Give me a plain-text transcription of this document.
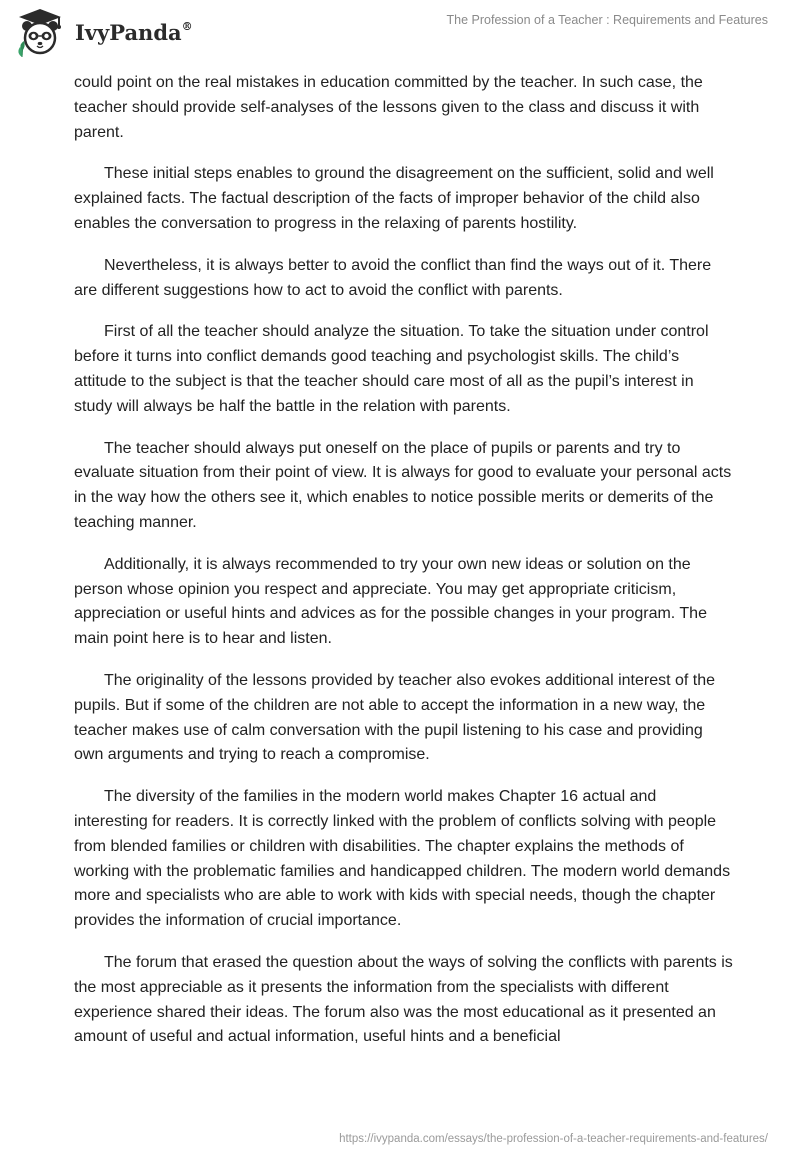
IvyPanda®	The Profession of a Teacher : Requirements and Features

could point on the real mistakes in education committed by the teacher. In such case, the teacher should provide self-analyses of the lessons given to the class and discuss it with parent.

These initial steps enables to ground the disagreement on the sufficient, solid and well explained facts. The factual description of the facts of improper behavior of the child also enables the conversation to progress in the relaxing of parents hostility.

Nevertheless, it is always better to avoid the conflict than find the ways out of it. There are different suggestions how to act to avoid the conflict with parents.

First of all the teacher should analyze the situation. To take the situation under control before it turns into conflict demands good teaching and psychologist skills. The child’s attitude to the subject is that the teacher should care most of all as the pupil’s interest in study will always be half the battle in the relation with parents.

The teacher should always put oneself on the place of pupils or parents and try to evaluate situation from their point of view. It is always for good to evaluate your personal acts in the way how the others see it, which enables to notice possible merits or demerits of the teaching manner.

Additionally, it is always recommended to try your own new ideas or solution on the person whose opinion you respect and appreciate. You may get appropriate criticism, appreciation or useful hints and advices as for the possible changes in your program. The main point here is to hear and listen.

The originality of the lessons provided by teacher also evokes additional interest of the pupils. But if some of the children are not able to accept the information in a new way, the teacher makes use of calm conversation with the pupil listening to his case and providing own arguments and trying to reach a compromise.

The diversity of the families in the modern world makes Chapter 16 actual and interesting for readers. It is correctly linked with the problem of conflicts solving with people from blended families or children with disabilities. The chapter explains the methods of working with the problematic families and handicapped children. The modern world demands more and specialists who are able to work with kids with special needs, though the chapter provides the information of crucial importance.

The forum that erased the question about the ways of solving the conflicts with parents is the most appreciable as it presents the information from the specialists with different experience shared their ideas. The forum also was the most educational as it presented an amount of useful and actual information, useful hints and a beneficial

https://ivypanda.com/essays/the-profession-of-a-teacher-requirements-and-features/
